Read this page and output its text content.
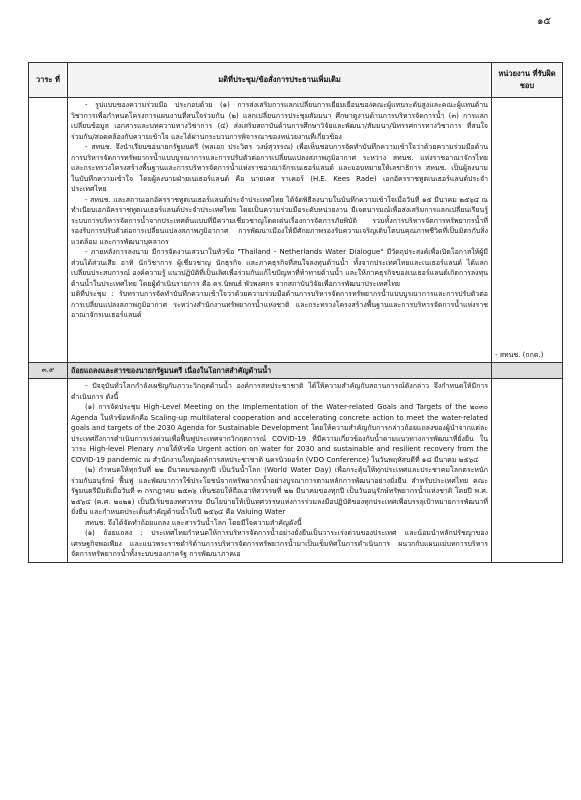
๑๕
วาระ ที่	มติที่ประชุม/ข้อสั่งการประธานเพิ่มเติม	หน่วยงาน ที่รับผิดชอบ

	- รูปแบบของความร่วมมือ ประกอบด้วย (๑) การส่งเสริมการแลกเปลี่ยนการเยี่ยมเยือนของคณะผู้แทนระดับสูงและคณะผู้แทนด้านวิชาการเพื่อกำหนดโครงการแผนงานที่สนใจร่วมกัน (๒) แลกเปลี่ยนการประชุมสัมมนา ศึกษาดูงานด้านการบริหารจัดการน้ำ (๓) การแลกเปลี่ยนข้อมูล เอกสารและบทความทางวิชาการ (๔) ส่งเสริมสถาบันด้านการศึกษาวิจัยและพัฒนา/สัมมนา/นิทรรศการทางวิชาการ ที่สนใจร่วมกัน/สอดคล้องกับความเข้าใจ และได้ผ่านกระบวนการพิจารณาของหน่วยงานที่เกี่ยวข้อง

- สทนช. จึงนำเรียนขอนายกรัฐมนตรี (พลเอก ประวิตร วงษ์สุวรรณ) เพื่อเห็นชอบการจัดทำบันทึกความเข้าใจว่าด้วยความร่วมมือด้านการบริหารจัดการทรัพยากรน้ำแบบบูรณาการและการปรับตัวต่อการเปลี่ยนแปลงสภาพภูมิอากาศ ระหว่าง สทนช. แห่งราชอาณาจักรไทย และกระทรวงโครงสร้างพื้นฐานและการบริหารจัดการน้ำแห่งราชอาณาจักรเนเธอร์แลนด์ และมอบหมายให้เลขาธิการ สทนช. เป็นผู้ลงนามในบันทึกความเข้าใจ โดยผู้ลงนามฝ่ายเนเธอร์แลนด์ คือ นายเคส ราเคอร์ (H.E. Kees Rade) เอกอัครราชทูตเนเธอร์แลนด์ประจำประเทศไทย

- สทนช. และสถานเอกอัครราชทูตเนเธอร์แลนด์ประจำประเทศไทย ได้จัดพิธีลงนามในบันทึกความเข้าใจเมื่อวันที่ ๑๕ มีนาคม ๒๕๖๔ ณ ทำเนียบเอกอัครราชทูตเนเธอร์แลนด์ประจำประเทศไทย โดยเป็นความร่วมมือระดับหน่วยงาน มีเจตนารมณ์เพื่อส่งเสริมการแลกเปลี่ยนเรียนรู้ ระบบการบริหารจัดการน้ำจากประเทศต้นแบบที่มีความเชี่ยวชาญโดดเด่นเรื่องการจัดการภัยพิบัติ รวมทั้งการบริหารจัดการทรัพยากรน้ำที่รองรับการปรับตัวต่อการเปลี่ยนแปลงสภาพภูมิอากาศ การพัฒนาเมืองให้มีศักยภาพรองรับความเจริญเติบโตบนคุณภาพชีวิตที่เป็นมิตรกับสิ่งแวดล้อม และการพัฒนาบุคลากร

- ภายหลังการลงนาม มีการจัดงานเสวนาในหัวข้อ "Thailand - Netherlands Water Dialogue" มีวัตถุประสงค์เพื่อเปิดโอกาสให้ผู้มีส่วนได้ส่วนเสีย อาทิ นักวิชาการ ผู้เชี่ยวชาญ นักธุรกิจ และภาคธุรกิจที่สนใจลงทุนด้านน้ำ ทั้งจากประเทศไทยและเนเธอร์แลนด์ ได้แลกเปลี่ยนประสบการณ์ องค์ความรู้ แนวปฏิบัติที่เป็นเลิศเพื่อร่วมกันแก้ไขปัญหาที่ท้าทายด้านน้ำ และให้ภาคธุรกิจของเนเธอร์แลนด์เกิดการลงทุนด้านน้ำในประเทศไทย โดยผู้ดำเนินรายการ คือ ดร.นิพนธ์ พัวพงศกร จากสถาบันวิจัยเพื่อการพัฒนาประเทศไทย

มติที่ประชุม : รับทราบการจัดทำบันทึกความเข้าใจว่าด้วยความร่วมมือด้านการบริหารจัดการทรัพยากรน้ำแบบบูรณาการและการปรับตัวต่อการเปลี่ยนแปลงสภาพภูมิอากาศ ระหว่างสำนักงานทรัพยากรน้ำแห่งชาติ และกระทรวงโครงสร้างพื้นฐานและการบริหารจัดการน้ำแห่งราชอาณาจักรเนเธอร์แลนด์	- สทนช. (กกต.)
๓.๙	ถ้อยแถลงและสารของนายกรัฐมนตรี เนื่องในโอกาสสำคัญด้านน้ำ	

	- ปัจจุบันทั่วโลกกำลังเผชิญกับภาวะวิกฤตด้านน้ำ องค์การสหประชาชาติ ได้ให้ความสำคัญกับสถานการณ์ดังกล่าว จึงกำหนดให้มีการดำเนินการ ดังนี้

(๑) การจัดประชุม High-Level Meeting on the Implementation of the Water-related Goals and Targets of the ๒๐๓๐ Agenda ในหัวข้อหลักคือ Scaling-up multilateral cooperation and accelerating concrete action to meet the water-related goals and targets of the 2030 Agenda for Sustainable Development โดยให้ความสำคัญกับการกล่าวถ้อยแถลงของผู้นำจากแต่ละประเทศถึงการดำเนินการเร่งด่วนเพื่อฟื้นฟูประเทศจากวิกฤตการณ์ COVID-19 ที่มีความเกี่ยวข้องกับน้ำตามแนวทางการพัฒนาที่ยั่งยืน ในวาระ High-level Plenary ภายใต้หัวข้อ Urgent action on water for 2030 and sustainable and resilient recovery from the COVID-19 pandemic ณ สำนักงานใหญ่องค์การสหประชาชาติ นครนิวยอร์ก (VDO Conference) ในวันพฤหัสบดีที่ ๑๘ มีนาคม ๒๕๖๔

(๒) กำหนดให้ทุกวันที่ ๒๒ มีนาคมของทุกปี เป็นวันน้ำโลก (World Water Day) เพื่อกระตุ้นให้ทุกประเทศและประชาคมโลกตระหนัก ร่วมกันอนุรักษ์ ฟื้นฟู และพัฒนาการใช้ประโยชน์จากทรัพยากรน้ำอย่างบูรณาการตามหลักการพัฒนาอย่างยั่งยืน สำหรับประเทศไทย คณะรัฐมนตรีมีมติเมื่อวันที่ ๓ กรกฎาคม ๒๕๓๖ เห็นชอบให้ถือเอาทิศวรรษที่ ๒๒ มีนาคมของทุกปี เป็นวันอนุรักษ์ทรัพยากรน้ำแห่งชาติ โดยปี พ.ศ. ๒๕๖๔ (ค.ศ. ๒๐๒๑) เป็นปีเริ่มของทศวรรษ มีนโยบายให้เป็นทศวรรษแห่งการร่วมลงมือปฏิบัติของทุกประเทศเพื่อบรรลุเป้าหมายการพัฒนาที่ยั่งยืน และกำหนดประเด็นสำคัญด้านน้ำในปี ๒๕๖๔ คือ Valuing Water

สทนช. จึงได้จัดทำถ้อยแถลง และสารวันน้ำโลก โดยมีใจความสำคัญดังนี้

(๑) ถ้อยแถลง : ประเทศไทยกำหนดให้การบริหารจัดการน้ำอย่างยั่งยืนเป็นวาระเร่งด่วนของประเทศ และน้อมนำหลักปรัชญาของเศรษฐกิจพอเพียง และแนวพระราชดำริด้านการบริหารจัดการทรัพยากรน้ำมาเป็นเข็มทิศในการดำเนินการ ผนวกกับแผนแม่บทการบริหารจัดการทรัพยากรน้ำทั้งระบบของภาครัฐ การพัฒนาภาคเอ	
